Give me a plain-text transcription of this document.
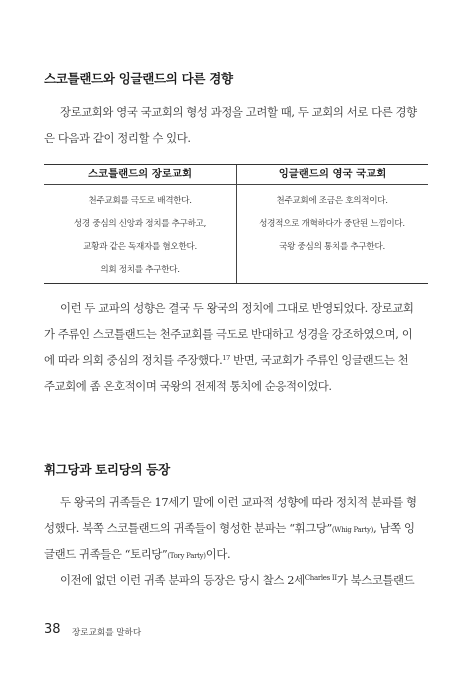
스코틀랜드와 잉글랜드의 다른 경향
장로교회와 영국 국교회의 형성 과정을 고려할 때, 두 교회의 서로 다른 경향
은 다음과 같이 정리할 수 있다.
스코틀랜드의 장로교회	잉글랜드의 영국 국교회
천주교회를 극도로 배격한다.
성경 중심의 신앙과 정치를 추구하고,
교황과 같은 독재자를 혐오한다.
의회 정치를 추구한다.
천주교회에 조금은 호의적이다.
성경적으로 개혁하다가 중단된 느낌이다.
국왕 중심의 통치를 추구한다.
이런 두 교파의 성향은 결국 두 왕국의 정치에 그대로 반영되었다. 장로교회
가 주류인 스코틀랜드는 천주교회를 극도로 반대하고 성경을 강조하였으며, 이
에 따라 의회 중심의 정치를 주장했다.$^{17}$ 반면, 국교회가 주류인 잉글랜드는 천
주교회에 좀 온호적이며 국왕의 전제적 통치에 순응적이었다.
휘그당과 토리당의 등장
두 왕국의 귀족들은 17세기 말에 이런 교파적 성향에 따라 정치적 분파를 형
성했다. 북쪽 스코틀랜드의 귀족들이 형성한 분파는 “휘그당”(Whig Party), 남쪽 잉
글랜드 귀족들은 “토리당”(Tory Party)이다.
이전에 없던 이런 귀족 분파의 등장은 당시 찰스 2세$^{Charles II}$가 북스코틀랜드
38 장로교회를 말하다
